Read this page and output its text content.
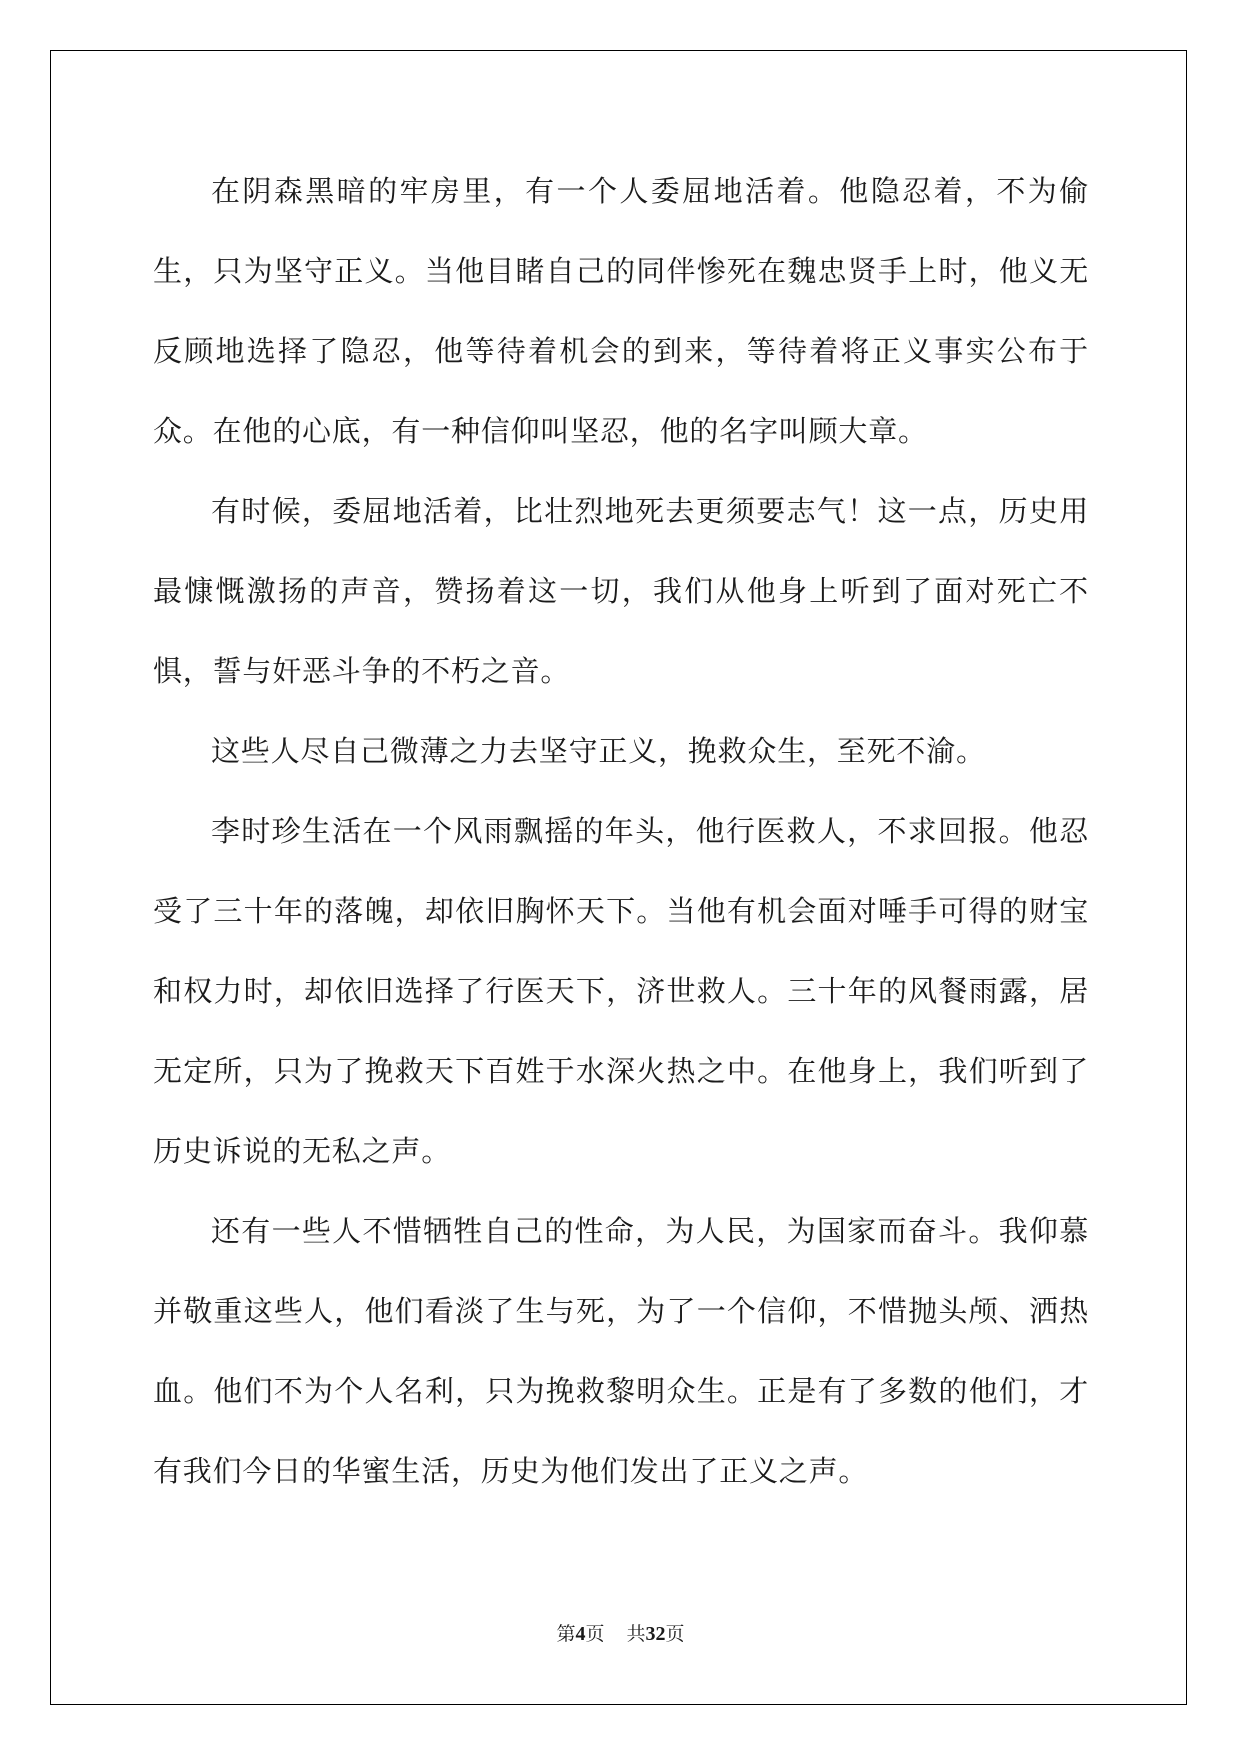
在阴森黑暗的牢房里，有一个人委屈地活着。他隐忍着，不为偷生，只为坚守正义。当他目睹自己的同伴惨死在魏忠贤手上时，他义无反顾地选择了隐忍，他等待着机会的到来，等待着将正义事实公布于众。在他的心底，有一种信仰叫坚忍，他的名字叫顾大章。

有时候，委屈地活着，比壮烈地死去更须要志气！这一点，历史用最慷慨激扬的声音，赞扬着这一切，我们从他身上听到了面对死亡不惧，誓与奸恶斗争的不朽之音。

这些人尽自己微薄之力去坚守正义，挽救众生，至死不渝。

李时珍生活在一个风雨飘摇的年头，他行医救人，不求回报。他忍受了三十年的落魄，却依旧胸怀天下。当他有机会面对唾手可得的财宝和权力时，却依旧选择了行医天下，济世救人。三十年的风餐雨露，居无定所，只为了挽救天下百姓于水深火热之中。在他身上，我们听到了历史诉说的无私之声。

还有一些人不惜牺牲自己的性命，为人民，为国家而奋斗。我仰慕并敬重这些人，他们看淡了生与死，为了一个信仰，不惜抛头颅、洒热血。他们不为个人名利，只为挽救黎明众生。正是有了多数的他们，才有我们今日的华蜜生活，历史为他们发出了正义之声。

第4页 共32页
